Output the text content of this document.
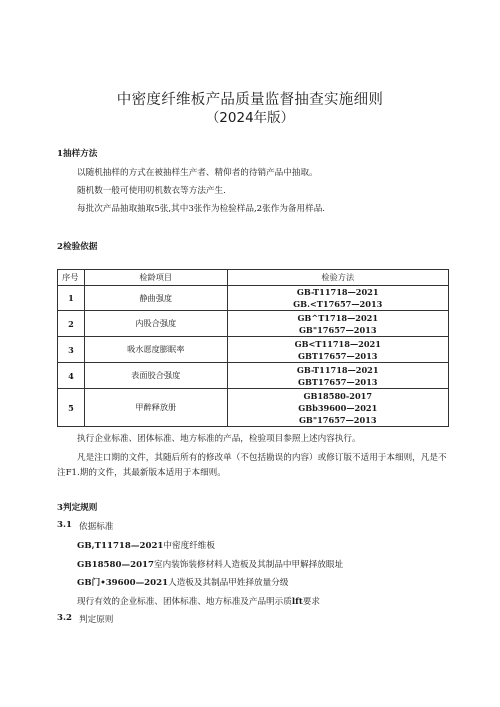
中密度纤维板产品质量监督抽查实施细则
（2024年版）
1抽样方法
以随机抽样的方式在被抽样生产者、精仰者的待销产品中抽取。
随机数一般可使用叨机数衣等方法产生.
每批次产品抽取抽取5张,其中3张作为检验样品,2张作为备用样品.
2检验依据
序号	检龄项目	检验方法
1	静曲强度	GB-T11718—2021
GB.<T17657—2013

2	内股合强度	GB^T1718—2021
GB"17657—2013

3	吸水愿度膨眠率	GB<T11718—2021
GBT17657—2013

4	表面胶合强度	GB-T11718—2021
GBT17657—2013

5	甲醉释放册	GB18580-2017
GBb39600—2021
GB"17657—2013
执行企业标准、团体标准、地方标准的产品，检验项目参照上述内容执行。
凡是注口期的文件，其随后所有的修改单（不包括勘误的内容）或修订版不适用于本细则，凡是不
注F1.期的文件，其最新版本适用于本细则。
3判定规则
3.1 依据标准
GB,T11718—2021中密度纤维板
GB18580—2017室内装饰装修材料人造板及其制品中甲解择放眼址
GB门•39600—2021人造板及其制品甲姓择放量分级
现行有效的企业标准、团体标准、地方标准及产品明示质lft要求
3.2 判定原则
